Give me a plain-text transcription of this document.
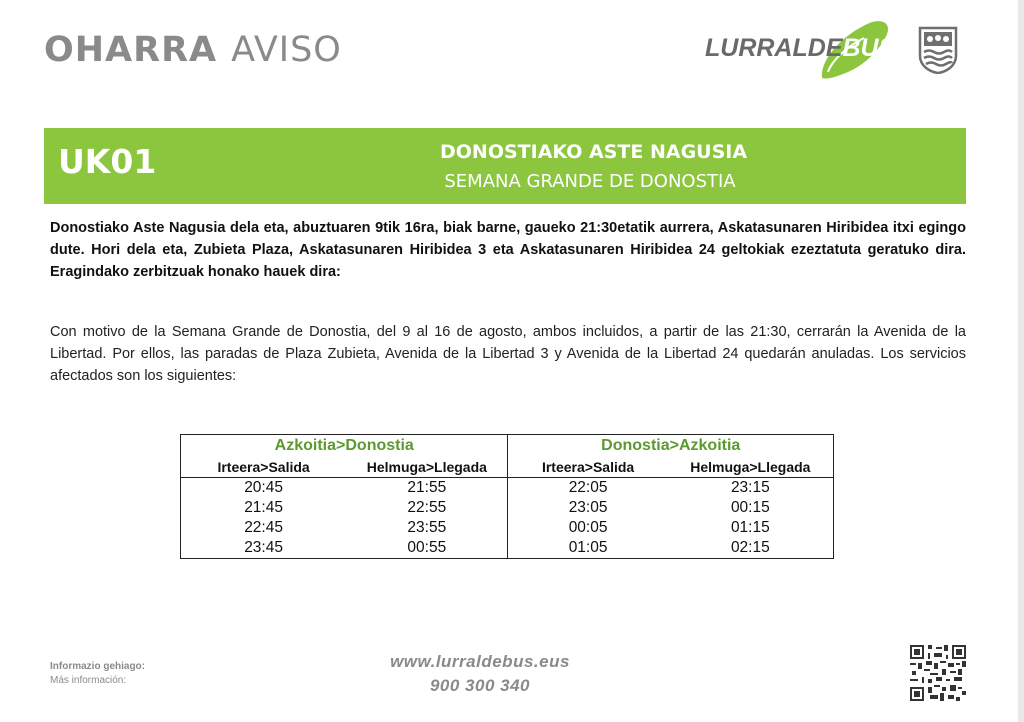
OHARRA AVISO	LURRALDEBUS
UK01	DONOSTIAKO ASTE NAGUSIA
SEMANA GRANDE DE DONOSTIA

Donostiako Aste Nagusia dela eta, abuztuaren 9tik 16ra, biak barne, gaueko 21:30etatik aurrera, Askatasunaren Hiribidea itxi egingo dute. Hori dela eta, Zubieta Plaza, Askatasunaren Hiribidea 3 eta Askatasunaren Hiribidea 24 geltokiak ezeztatuta geratuko dira. Eragindako zerbitzuak honako hauek dira:

Con motivo de la Semana Grande de Donostia, del 9 al 16 de agosto, ambos incluidos, a partir de las 21:30, cerrarán la Avenida de la Libertad. Por ellos, las paradas de Plaza Zubieta, Avenida de la Libertad 3 y Avenida de la Libertad 24 quedarán anuladas. Los servicios afectados son los siguientes:

Azkoitia>Donostia		Donostia>Azkoitia	
Irteera>Salida	Helmuga>Llegada	Irteera>Salida	Helmuga>Llegada
20:45	21:55	22:05	23:15
21:45	22:55	23:05	00:15
22:45	23:55	00:05	01:15
23:45	00:55	01:05	02:15
Informazio gehiago:
Más información:
www.lurraldebus.eus
900 300 340
